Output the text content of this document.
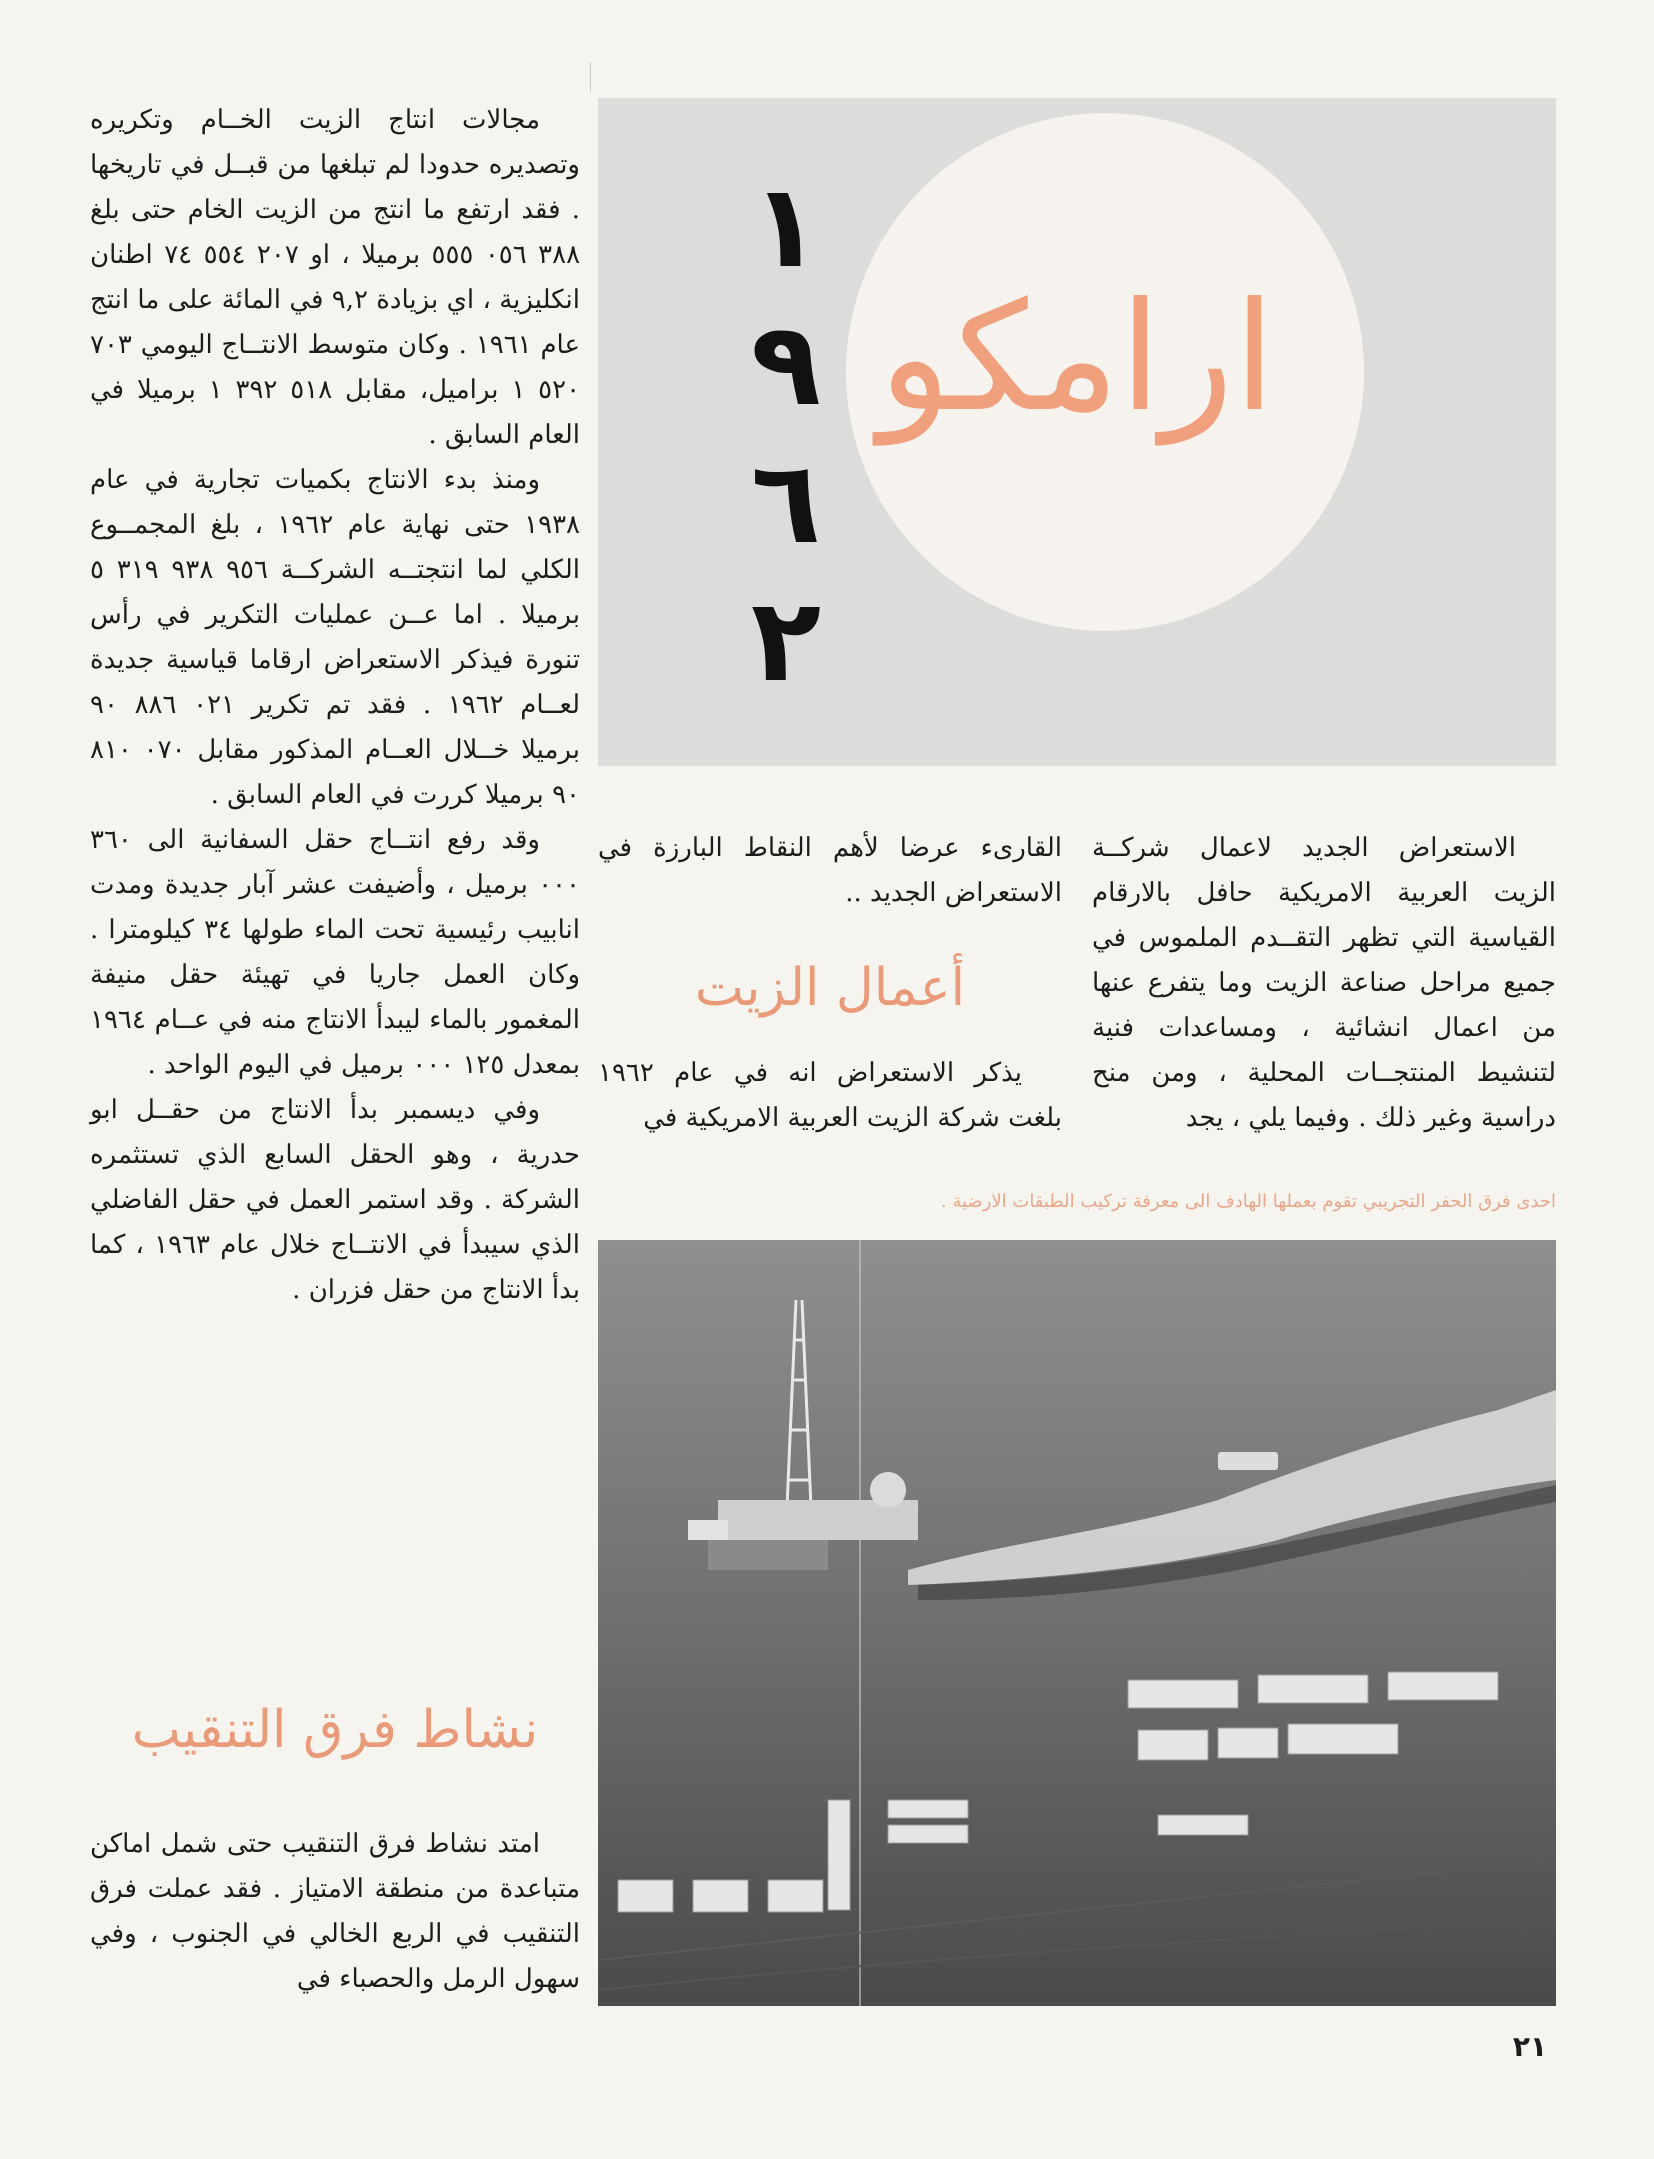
مجالات انتاج الزيت الخــام وتكريره وتصديره حدودا لم تبلغها من قبــل في تاريخها . فقد ارتفع ما انتج من الزيت الخام حتى بلغ ٣٨٨ ٠٥٦ ٥٥٥ برميلا ، او ٢٠٧ ٥٥٤ ٧٤ اطنان انكليزية ، اي بزيادة ٩,٢ في المائة على ما انتج عام ١٩٦١ . وكان متوسط الانتــاج اليومي ٧٠٣ ٥٢٠ ١ براميل، مقابل ٥١٨ ٣٩٢ ١ برميلا في العام السابق .

ومنذ بدء الانتاج بكميات تجارية في عام ١٩٣٨ حتى نهاية عام ١٩٦٢ ، بلغ المجمــوع الكلي لما انتجتــه الشركــة ٩٥٦ ٩٣٨ ٣١٩ ٥ برميلا . اما عــن عمليات التكرير في رأس تنورة فيذكر الاستعراض ارقاما قياسية جديدة لعــام ١٩٦٢ . فقد تم تكرير ٠٢١ ٨٨٦ ٩٠ برميلا خــلال العــام المذكور مقابل ٠٧٠ ٨١٠ ٩٠ برميلا كررت في العام السابق .

وقد رفع انتــاج حقل السفانية الى ٣٦٠ ٠٠٠ برميل ، وأضيفت عشر آبار جديدة ومدت انابيب رئيسية تحت الماء طولها ٣٤ كيلومترا . وكان العمل جاريا في تهيئة حقل منيفة المغمور بالماء ليبدأ الانتاج منه في عــام ١٩٦٤ بمعدل ١٢٥ ٠٠٠ برميل في اليوم الواحد .

وفي ديسمبر بدأ الانتاج من حقــل ابو حدرية ، وهو الحقل السابع الذي تستثمره الشركة . وقد استمر العمل في حقل الفاضلي الذي سيبدأ في الانتــاج خلال عام ١٩٦٣ ، كما بدأ الانتاج من حقل فزران .

نشاط فرق التنقيب

امتد نشاط فرق التنقيب حتى شمل اماكن متباعدة من منطقة الامتياز . فقد عملت فرق التنقيب في الربع الخالي في الجنوب ، وفي سهول الرمل والحصباء في

ارامكو
١
٩
٦
٢

الاستعراض الجديد لاعمال شركــة الزيت العربية الامريكية حافل بالارقام القياسية التي تظهر التقــدم الملموس في جميع مراحل صناعة الزيت وما يتفرع عنها من اعمال انشائية ، ومساعدات فنية لتنشيط المنتجــات المحلية ، ومن منح دراسية وغير ذلك . وفيما يلي ، يجد

القارىء عرضا لأهم النقاط البارزة في الاستعراض الجديد ..

أعمال الزيت

يذكر الاستعراض انه في عام ١٩٦٢ بلغت شركة الزيت العربية الامريكية في

احدى فرق الحفر التجريبي تقوم بعملها الهادف الى معرفة تركيب الطبقات الارضية .
٢١
